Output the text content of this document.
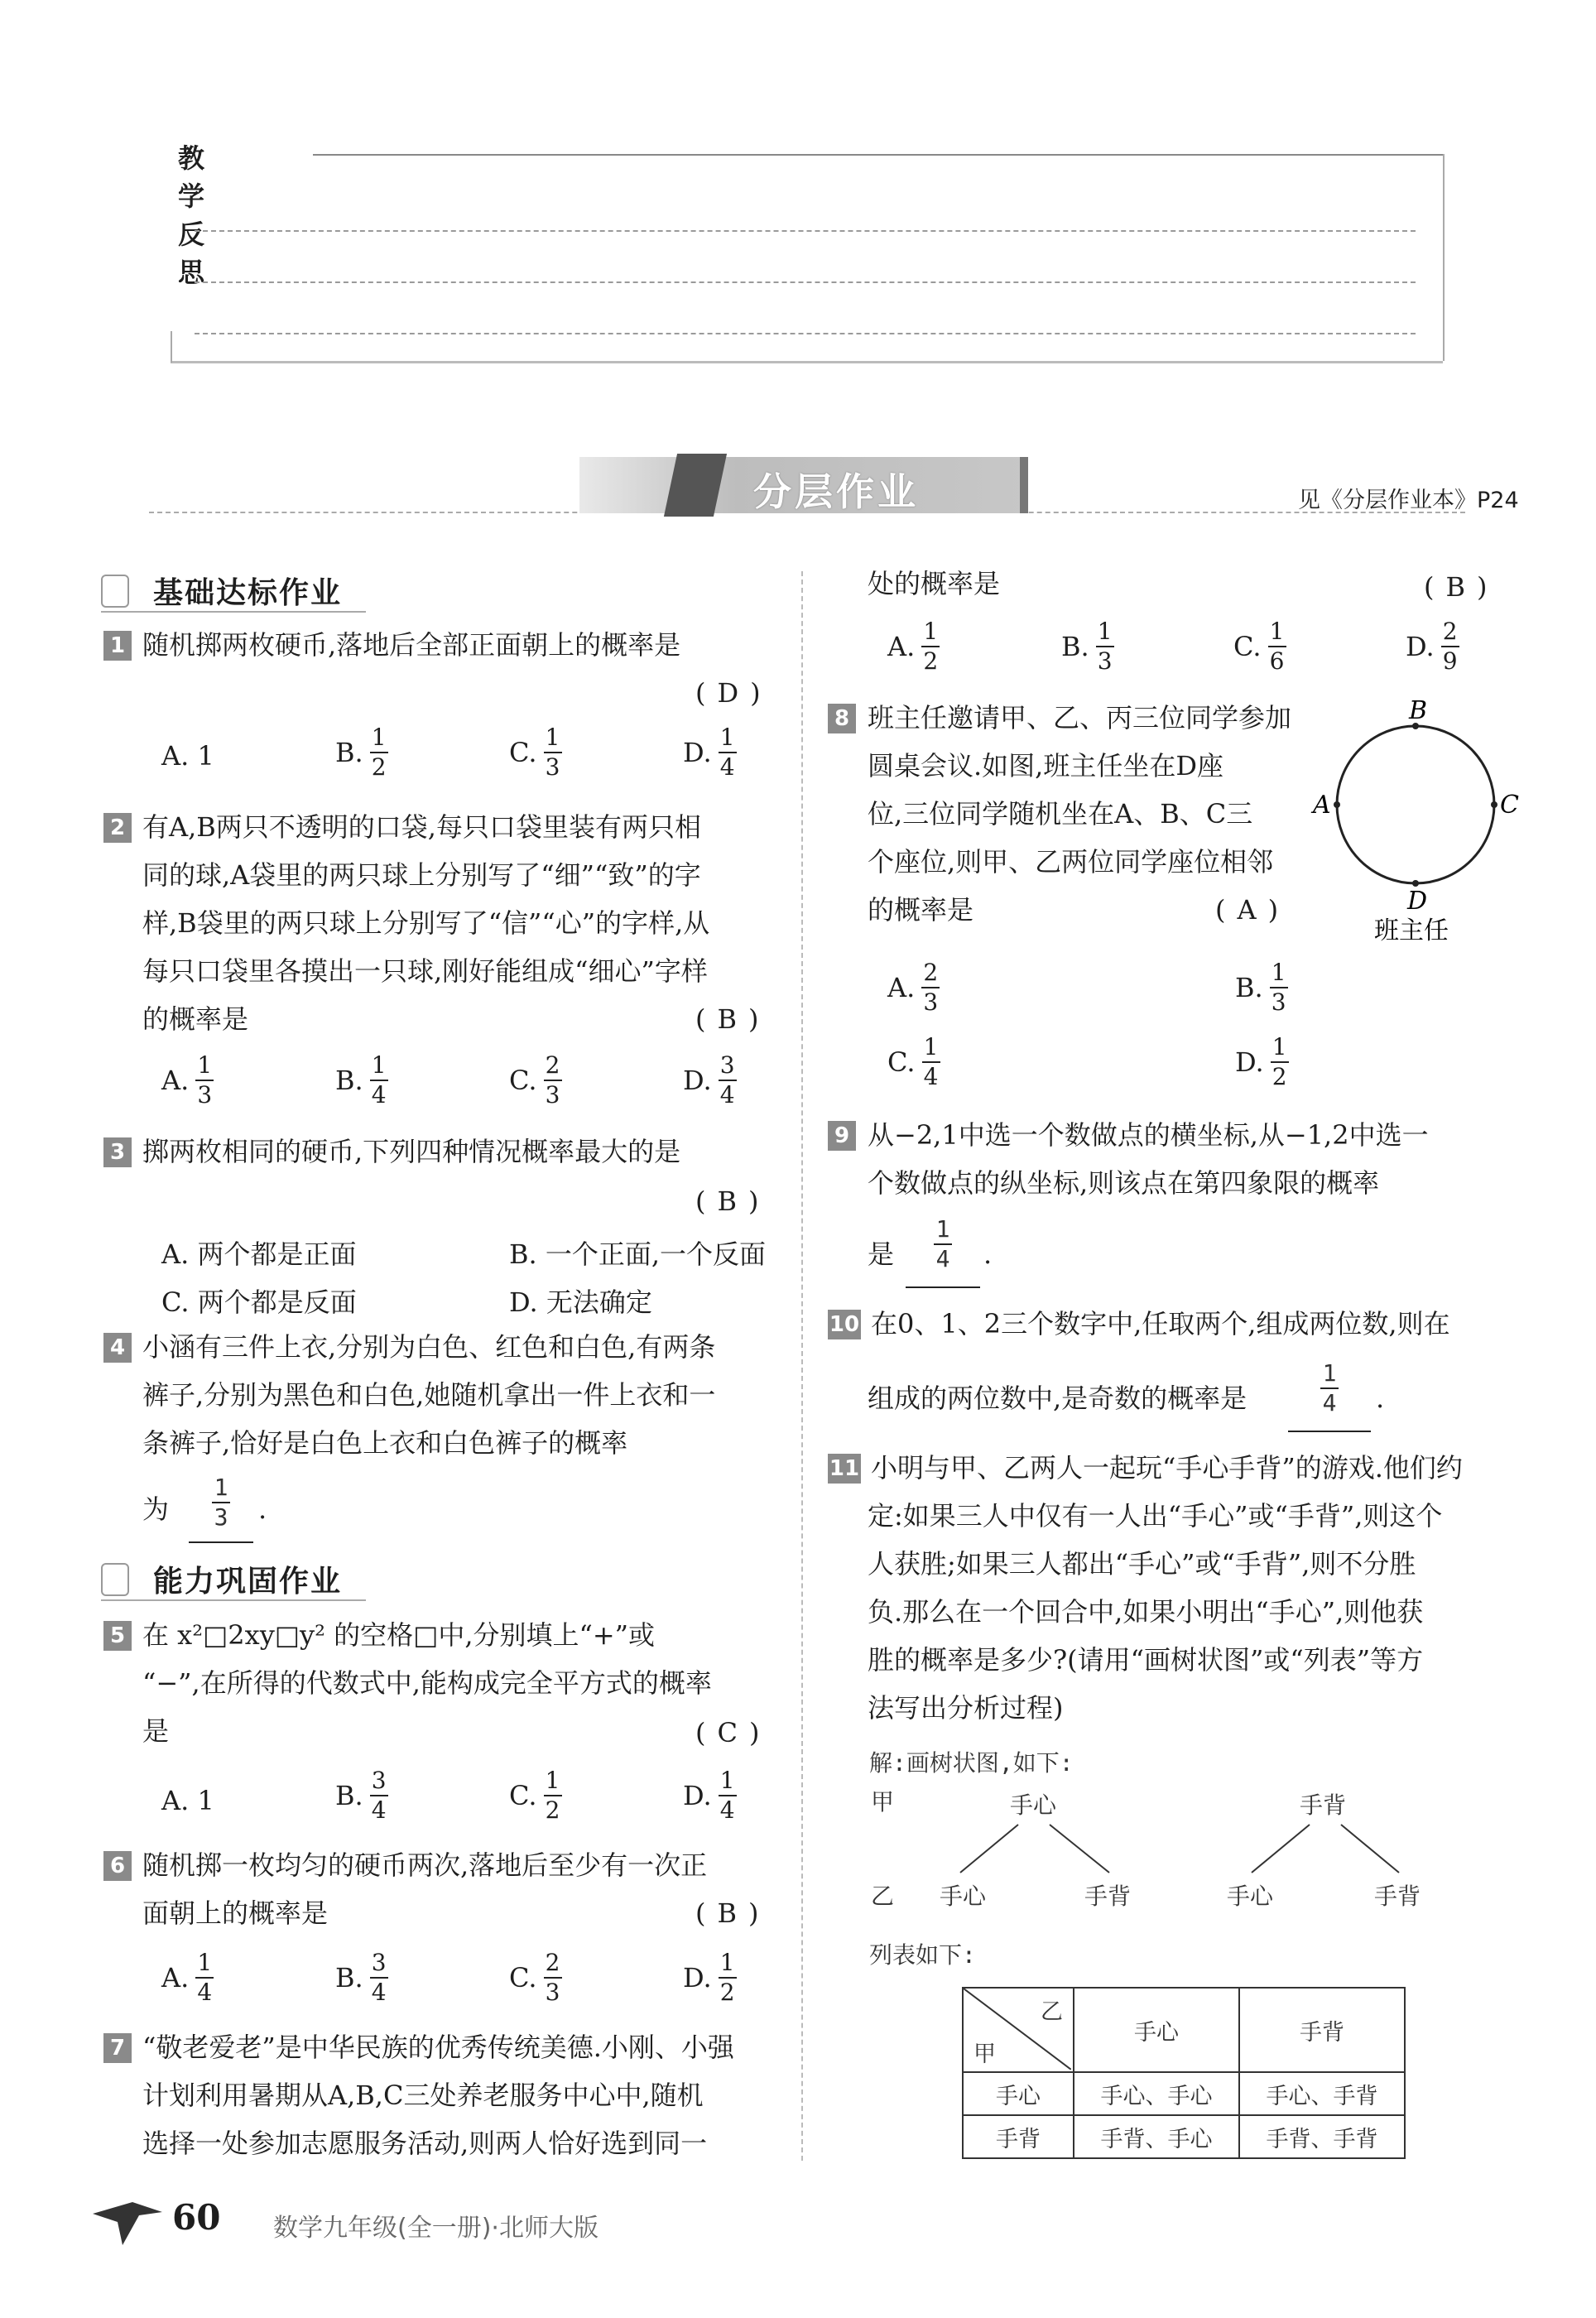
教学反思
分层作业	见《分层作业本》P24
基础达标作业
1 随机掷两枚硬币,落地后全部正面朝上的概率是
(D)
A. 1	B. $\frac{1}{2}$	C. $\frac{1}{3}$	D. $\frac{1}{4}$
2 有A,B两只不透明的口袋,每只口袋里装有两只相
同的球,A袋里的两只球上分别写了“细”“致”的字
样,B袋里的两只球上分别写了“信”“心”的字样,从
每只口袋里各摸出一只球,刚好能组成“细心”字样
的概率是	(B)
A. $\frac{1}{3}$	B. $\frac{1}{4}$	C. $\frac{2}{3}$	D. $\frac{3}{4}$
3 掷两枚相同的硬币,下列四种情况概率最大的是
(B)
A. 两个都是正面	B. 一个正面,一个反面
C. 两个都是反面	D. 无法确定
4 小涵有三件上衣,分别为白色、红色和白色,有两条
裤子,分别为黑色和白色,她随机拿出一件上衣和一
条裤子,恰好是白色上衣和白色裤子的概率
为 $\frac{1}{3}$ .
能力巩固作业
5 在 x²□2xy□y² 的空格□中,分别填上“+”或
“−”,在所得的代数式中,能构成完全平方式的概率
是	(C)
A. 1	B. $\frac{3}{4}$	C. $\frac{1}{2}$	D. $\frac{1}{4}$
6 随机掷一枚均匀的硬币两次,落地后至少有一次正
面朝上的概率是	(B)
A. $\frac{1}{4}$	B. $\frac{3}{4}$	C. $\frac{2}{3}$	D. $\frac{1}{2}$
7 “敬老爱老”是中华民族的优秀传统美德.小刚、小强
计划利用暑期从A,B,C三处养老服务中心中,随机
选择一处参加志愿服务活动,则两人恰好选到同一
处的概率是	(B)
A. $\frac{1}{2}$	B. $\frac{1}{3}$	C. $\frac{1}{6}$	D. $\frac{2}{9}$
8 班主任邀请甲、乙、丙三位同学参加
圆桌会议.如图,班主任坐在D座
位,三位同学随机坐在A、B、C三
个座位,则甲、乙两位同学座位相邻
的概率是	(A)
B
A	C
D
班主任
A. $\frac{2}{3}$	B. $\frac{1}{3}$
C. $\frac{1}{4}$	D. $\frac{1}{2}$
9 从−2,1中选一个数做点的横坐标,从−1,2中选一
个数做点的纵坐标,则该点在第四象限的概率
是 $\frac{1}{4}$ .
10 在0、1、2三个数字中,任取两个,组成两位数,则在
组成的两位数中,是奇数的概率是	$\frac{1}{4}$ .
11 小明与甲、乙两人一起玩“手心手背”的游戏.他们约
定:如果三人中仅有一人出“手心”或“手背”,则这个
人获胜;如果三人都出“手心”或“手背”,则不分胜
负.那么在一个回合中,如果小明出“手心”,则他获
胜的概率是多少?(请用“画树状图”或“列表”等方
法写出分析过程)
解:画树状图,如下:
甲
乙
手心	手背
手心	手背	手心	手背
列表如下:
乙
甲	手心	手背
手心	手心、手心	手心、手背
手背	手背、手心	手背、手背
60 数学九年级(全一册)·北师大版
